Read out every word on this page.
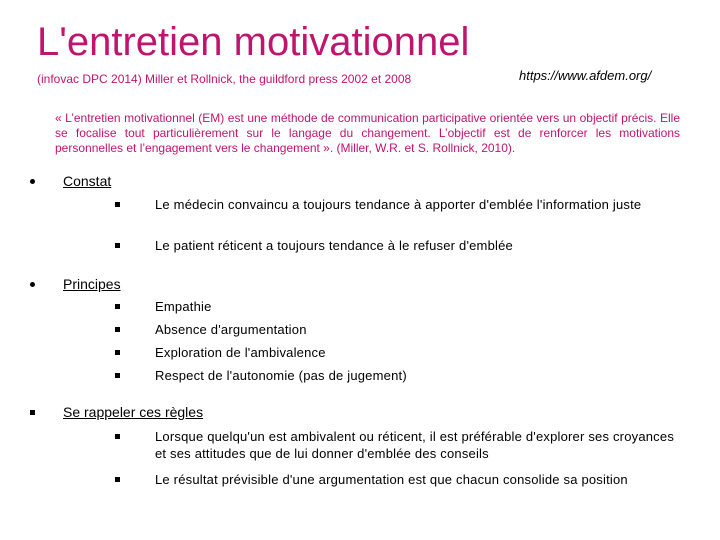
L'entretien motivationnel
(infovac DPC 2014) Miller et Rollnick, the guildford press 2002 et 2008	https://www.afdem.org/
« L’entretien motivationnel (EM) est une méthode de communication participative orientée vers un objectif précis. Elle se focalise tout particulièrement sur le langage du changement. L’objectif est de renforcer les motivations personnelles et l’engagement vers le changement ». (Miller, W.R. et S. Rollnick, 2010).
Constat
Le médecin convaincu a toujours tendance à apporter d'emblée l'information juste
Le patient réticent a toujours tendance à le refuser d'emblée
Principes
Empathie
Absence d'argumentation
Exploration de l'ambivalence
Respect de l'autonomie (pas de jugement)
Se rappeler ces règles
Lorsque quelqu'un est ambivalent ou réticent, il est préférable d'explorer ses croyances et ses attitudes que de lui donner d'emblée des conseils
Le résultat prévisible d'une argumentation est que chacun consolide sa position
